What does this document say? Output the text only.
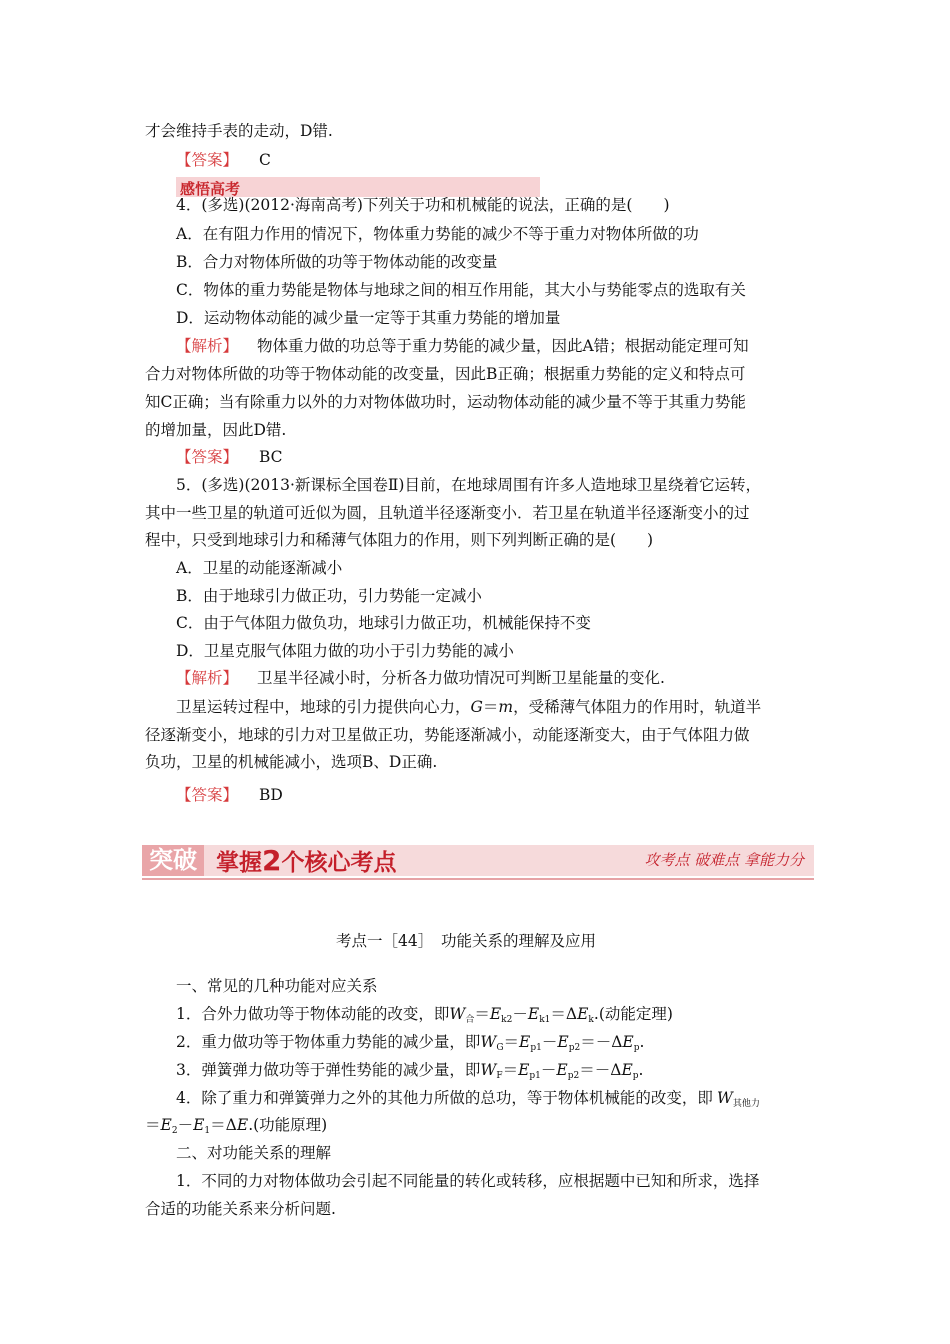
才会维持手表的走动，D错.
【答案】 C
感悟高考
4．(多选)(2012·海南高考)下列关于功和机械能的说法，正确的是(　　)
A．在有阻力作用的情况下，物体重力势能的减少不等于重力对物体所做的功
B．合力对物体所做的功等于物体动能的改变量
C．物体的重力势能是物体与地球之间的相互作用能，其大小与势能零点的选取有关
D．运动物体动能的减少量一定等于其重力势能的增加量
【解析】 物体重力做的功总等于重力势能的减少量，因此A错；根据动能定理可知
合力对物体所做的功等于物体动能的改变量，因此B正确；根据重力势能的定义和特点可
知C正确；当有除重力以外的力对物体做功时，运动物体动能的减少量不等于其重力势能
的增加量，因此D错.
【答案】 BC
5．(多选)(2013·新课标全国卷Ⅱ)目前，在地球周围有许多人造地球卫星绕着它运转，
其中一些卫星的轨道可近似为圆，且轨道半径逐渐变小．若卫星在轨道半径逐渐变小的过
程中，只受到地球引力和稀薄气体阻力的作用，则下列判断正确的是(　　)
A．卫星的动能逐渐减小
B．由于地球引力做正功，引力势能一定减小
C．由于气体阻力做负功，地球引力做正功，机械能保持不变
D．卫星克服气体阻力做的功小于引力势能的减小
【解析】 卫星半径减小时，分析各力做功情况可判断卫星能量的变化.
卫星运转过程中，地球的引力提供向心力，G＝m，受稀薄气体阻力的作用时，轨道半
径逐渐变小，地球的引力对卫星做正功，势能逐渐减小，动能逐渐变大，由于气体阻力做
负功，卫星的机械能减小，选项B、D正确.
【答案】 BD
突破 掌握2个核心考点	攻考点 破难点 拿能力分
考点一［44］　功能关系的理解及应用
一、常见的几种功能对应关系
1．合外力做功等于物体动能的改变，即$W_合=E_{k2}-E_{k1}=\Delta E_k$.(动能定理)
2．重力做功等于物体重力势能的减少量，即$W_G=E_{p1}-E_{p2}=-\Delta E_p$.
3．弹簧弹力做功等于弹性势能的减少量，即$W_F=E_{p1}-E_{p2}=-\Delta E_p$.
4．除了重力和弹簧弹力之外的其他力所做的总功，等于物体机械能的改变，即 $W_{其他力}$
$=E_2-E_1=\Delta E$.(功能原理)
二、对功能关系的理解
1．不同的力对物体做功会引起不同能量的转化或转移，应根据题中已知和所求，选择
合适的功能关系来分析问题.
